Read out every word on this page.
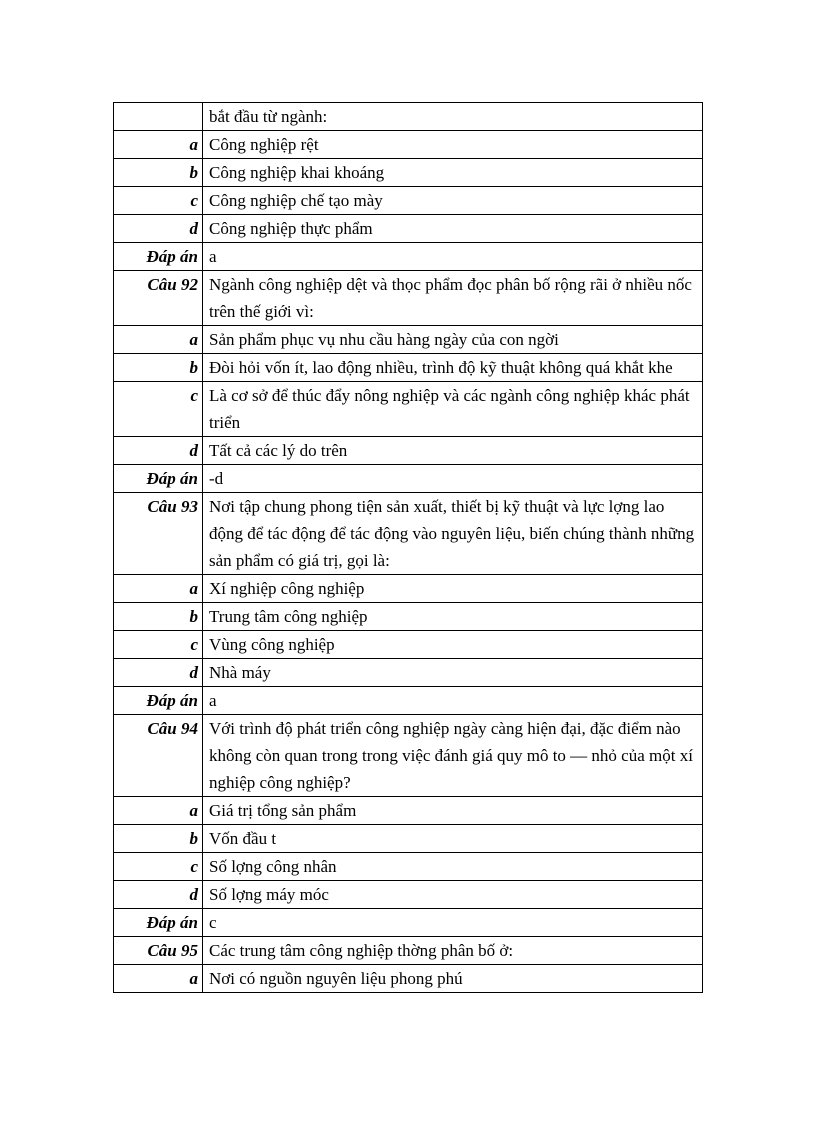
	bắt đầu từ ngành:
a	Công nghiệp rệt
b	Công nghiệp khai khoáng
c	Công nghiệp chế tạo mày
d	Công nghiệp thực phẩm
Đáp án	a
Câu 92	Ngành công nghiệp dệt và thọc phẩm đọc phân bố rộng rãi ở nhiều nốc trên thế giới vì:
a	Sản phẩm phục vụ nhu cầu hàng ngày của con ngời
b	Đòi hỏi vốn ít, lao động nhiều, trình độ kỹ thuật không quá khắt khe
c	Là cơ sở để thúc đẩy nông nghiệp và các ngành công nghiệp khác phát triển
d	Tất cả các lý do trên
Đáp án	-d
Câu 93	Nơi tập chung phong tiện sản xuất, thiết bị kỹ thuật và lực lợng lao động để tác động để tác động vào nguyên liệu, biến chúng thành những sản phẩm có giá trị, gọi là:
a	Xí nghiệp công nghiệp
b	Trung tâm công nghiệp
c	Vùng công nghiệp
d	Nhà máy
Đáp án	a
Câu 94	Với trình độ phát triển công nghiệp ngày càng hiện đại, đặc điểm nào không còn quan trong trong việc đánh giá quy mô to — nhỏ của một xí nghiệp công nghiệp?
a	Giá trị tổng sản phẩm
b	Vốn đầu t
c	Số lợng công nhân
d	Số lợng máy móc
Đáp án	c
Câu 95	Các trung tâm công nghiệp thờng phân bố ở:
a	Nơi có nguồn nguyên liệu phong phú
